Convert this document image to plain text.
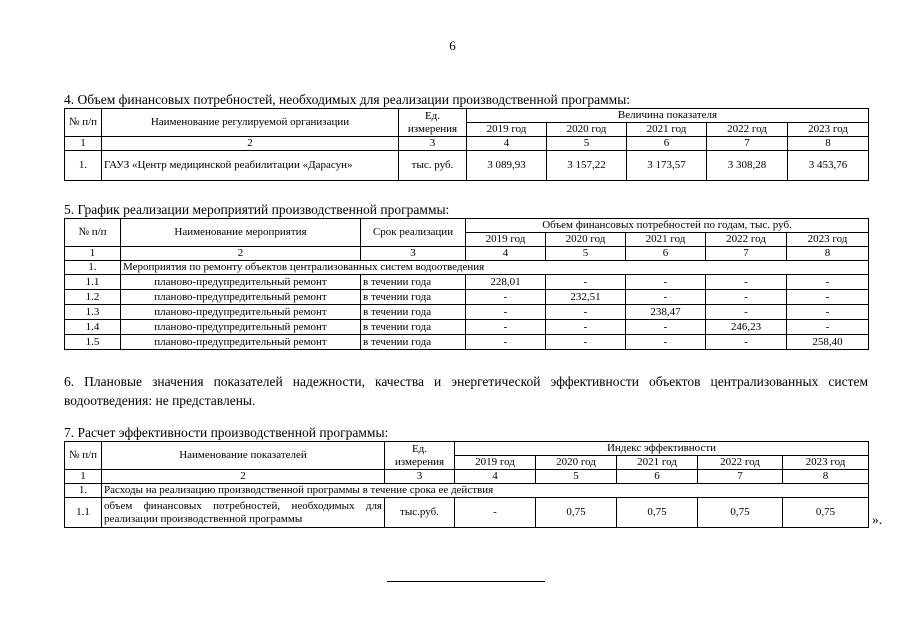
6
4. Объем финансовых потребностей, необходимых для реализации производственной программы:
№ п/п	Наименование регулируемой организации	Ед. измерения	Величина показателя				
			2019 год	2020 год	2021 год	2022 год	2023 год
1	2	3	4	5	6	7	8
1.	ГАУЗ «Центр медицинской реабилитации «Дарасун»	тыс. руб.	3 089,93	3 157,22	3 173,57	3 308,28	3 453,76
5. График реализации мероприятий производственной программы:
№ п/п	Наименование мероприятия	Срок реализации	Объем финансовых потребностей по годам, тыс. руб.				
			2019 год	2020 год	2021 год	2022 год	2023 год
1	2	3	4	5	6	7	8
1.	Мероприятия по ремонту объектов централизованных систем водоотведения						
1.1	планово-предупредительный ремонт	в течении года	228,01	-	-	-	-
1.2	планово-предупредительный ремонт	в течении года	-	232,51	-	-	-
1.3	планово-предупредительный ремонт	в течении года	-	-	238,47	-	-
1.4	планово-предупредительный ремонт	в течении года	-	-	-	246,23	-
1.5	планово-предупредительный ремонт	в течении года	-	-	-	-	258,40
6. Плановые значения показателей надежности, качества и энергетической эффективности объектов централизованных систем водоотведения: не представлены.
7. Расчет эффективности производственной программы:
№ п/п	Наименование показателей	Ед. измерения	Индекс эффективности				
			2019 год	2020 год	2021 год	2022 год	2023 год
1	2	3	4	5	6	7	8
1.	Расходы на реализацию производственной программы в течение срока ее действия						
1.1	объем финансовых потребностей, необходимых для реализации производственной программы	тыс.руб.	-	0,75	0,75	0,75	0,75	».
